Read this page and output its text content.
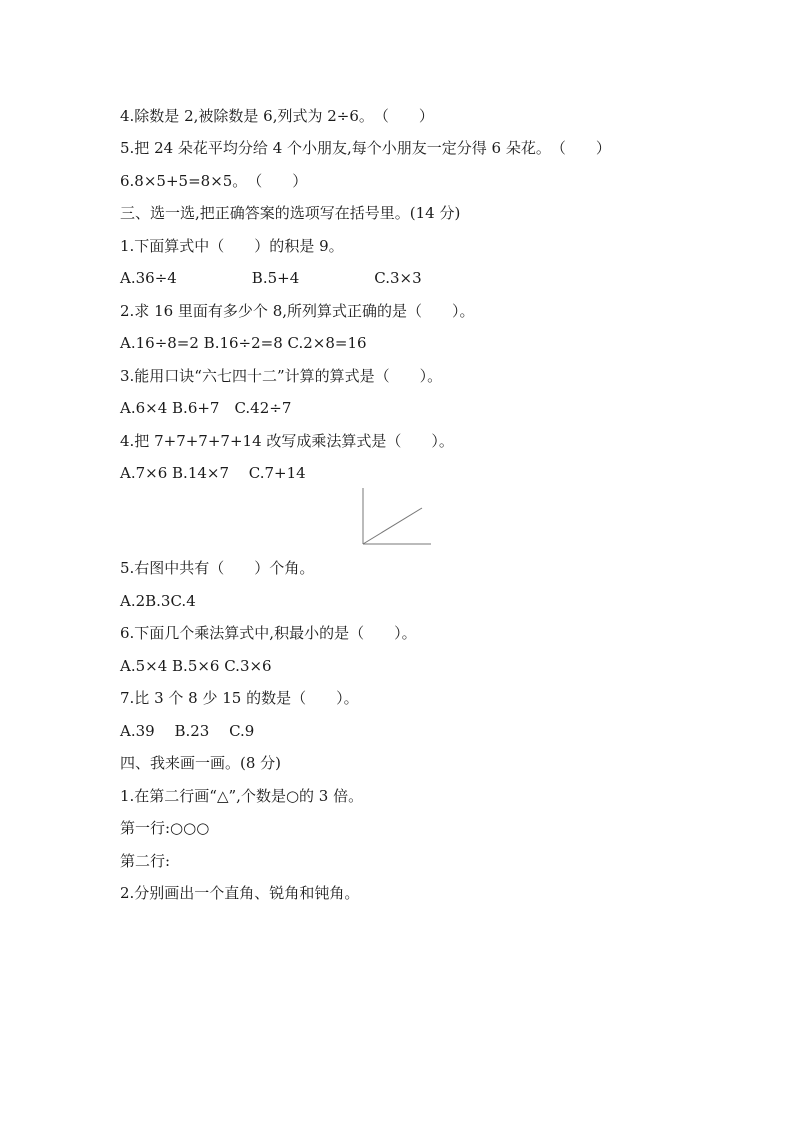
4.除数是 2,被除数是 6,列式为 2÷6。　（　　）
5.把 24 朵花平均分给 4 个小朋友,每个小朋友一定分得 6 朵花。　（　　）
6.8×5+5=8×5。　（　　）
三、选一选,把正确答案的选项写在括号里。(14 分)
1.下面算式中（　　）的积是 9。
A.36÷4　　　　　B.5+4　　　　　C.3×3
2.求 16 里面有多少个 8,所列算式正确的是（　　）。
A.16÷8=2 B.16÷2=8 C.2×8=16
3.能用口诀“六七四十二”计算的算式是（　　）。
A.6×4 B.6+7　C.42÷7
4.把 7+7+7+7+14 改写成乘法算式是（　　）。
A.7×6 B.14×7　 C.7+14
5.右图中共有（　　）个角。
A.2B.3C.4
6.下面几个乘法算式中,积最小的是（　　）。
A.5×4 B.5×6 C.3×6
7.比 3 个 8 少 15 的数是（　　）。
A.39　 B.23　 C.9
四、我来画一画。(8 分)
1.在第二行画“△”,个数是○的 3 倍。
第一行:○○○
第二行:
2.分别画出一个直角、锐角和钝角。
